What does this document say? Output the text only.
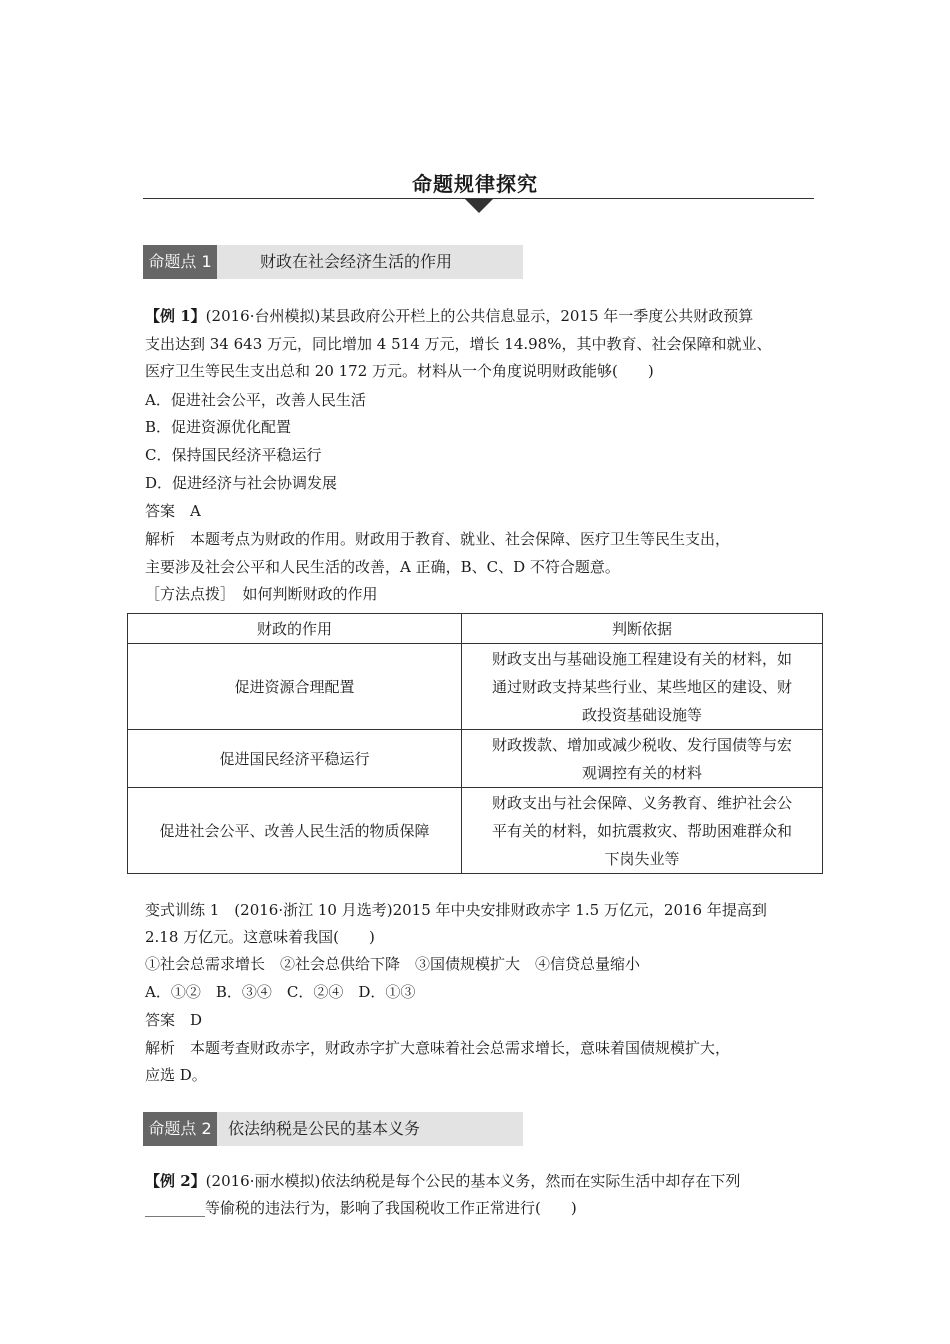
命题规律探究
命题点 1	财政在社会经济生活的作用
【例 1】(2016·台州模拟)某县政府公开栏上的公共信息显示，2015 年一季度公共财政预算
支出达到 34 643 万元，同比增加 4 514 万元，增长 14.98%，其中教育、社会保障和就业、
医疗卫生等民生支出总和 20 172 万元。材料从一个角度说明财政能够(　　)
A．促进社会公平，改善人民生活
B．促进资源优化配置
C．保持国民经济平稳运行
D．促进经济与社会协调发展
答案　A
解析　本题考点为财政的作用。财政用于教育、就业、社会保障、医疗卫生等民生支出，
主要涉及社会公平和人民生活的改善，A 正确，B、C、D 不符合题意。
［方法点拨］　如何判断财政的作用
财政的作用	判断依据
促进资源合理配置	财政支出与基础设施工程建设有关的材料，如
通过财政支持某些行业、某些地区的建设、财
政投资基础设施等

促进国民经济平稳运行	财政拨款、增加或减少税收、发行国债等与宏
观调控有关的材料

促进社会公平、改善人民生活的物质保障	财政支出与社会保障、义务教育、维护社会公
平有关的材料，如抗震救灾、帮助困难群众和
下岗失业等
变式训练 1　(2016·浙江 10 月选考)2015 年中央安排财政赤字 1.5 万亿元，2016 年提高到
2.18 万亿元。这意味着我国(　　)
①社会总需求增长　②社会总供给下降　③国债规模扩大　④信贷总量缩小
A．①②　B．③④　C．②④　D．①③
答案　D
解析　本题考查财政赤字，财政赤字扩大意味着社会总需求增长，意味着国债规模扩大，
应选 D。
命题点 2	依法纳税是公民的基本义务
【例 2】(2016·丽水模拟)依法纳税是每个公民的基本义务，然而在实际生活中却存在下列
________等偷税的违法行为，影响了我国税收工作正常进行(　　)
